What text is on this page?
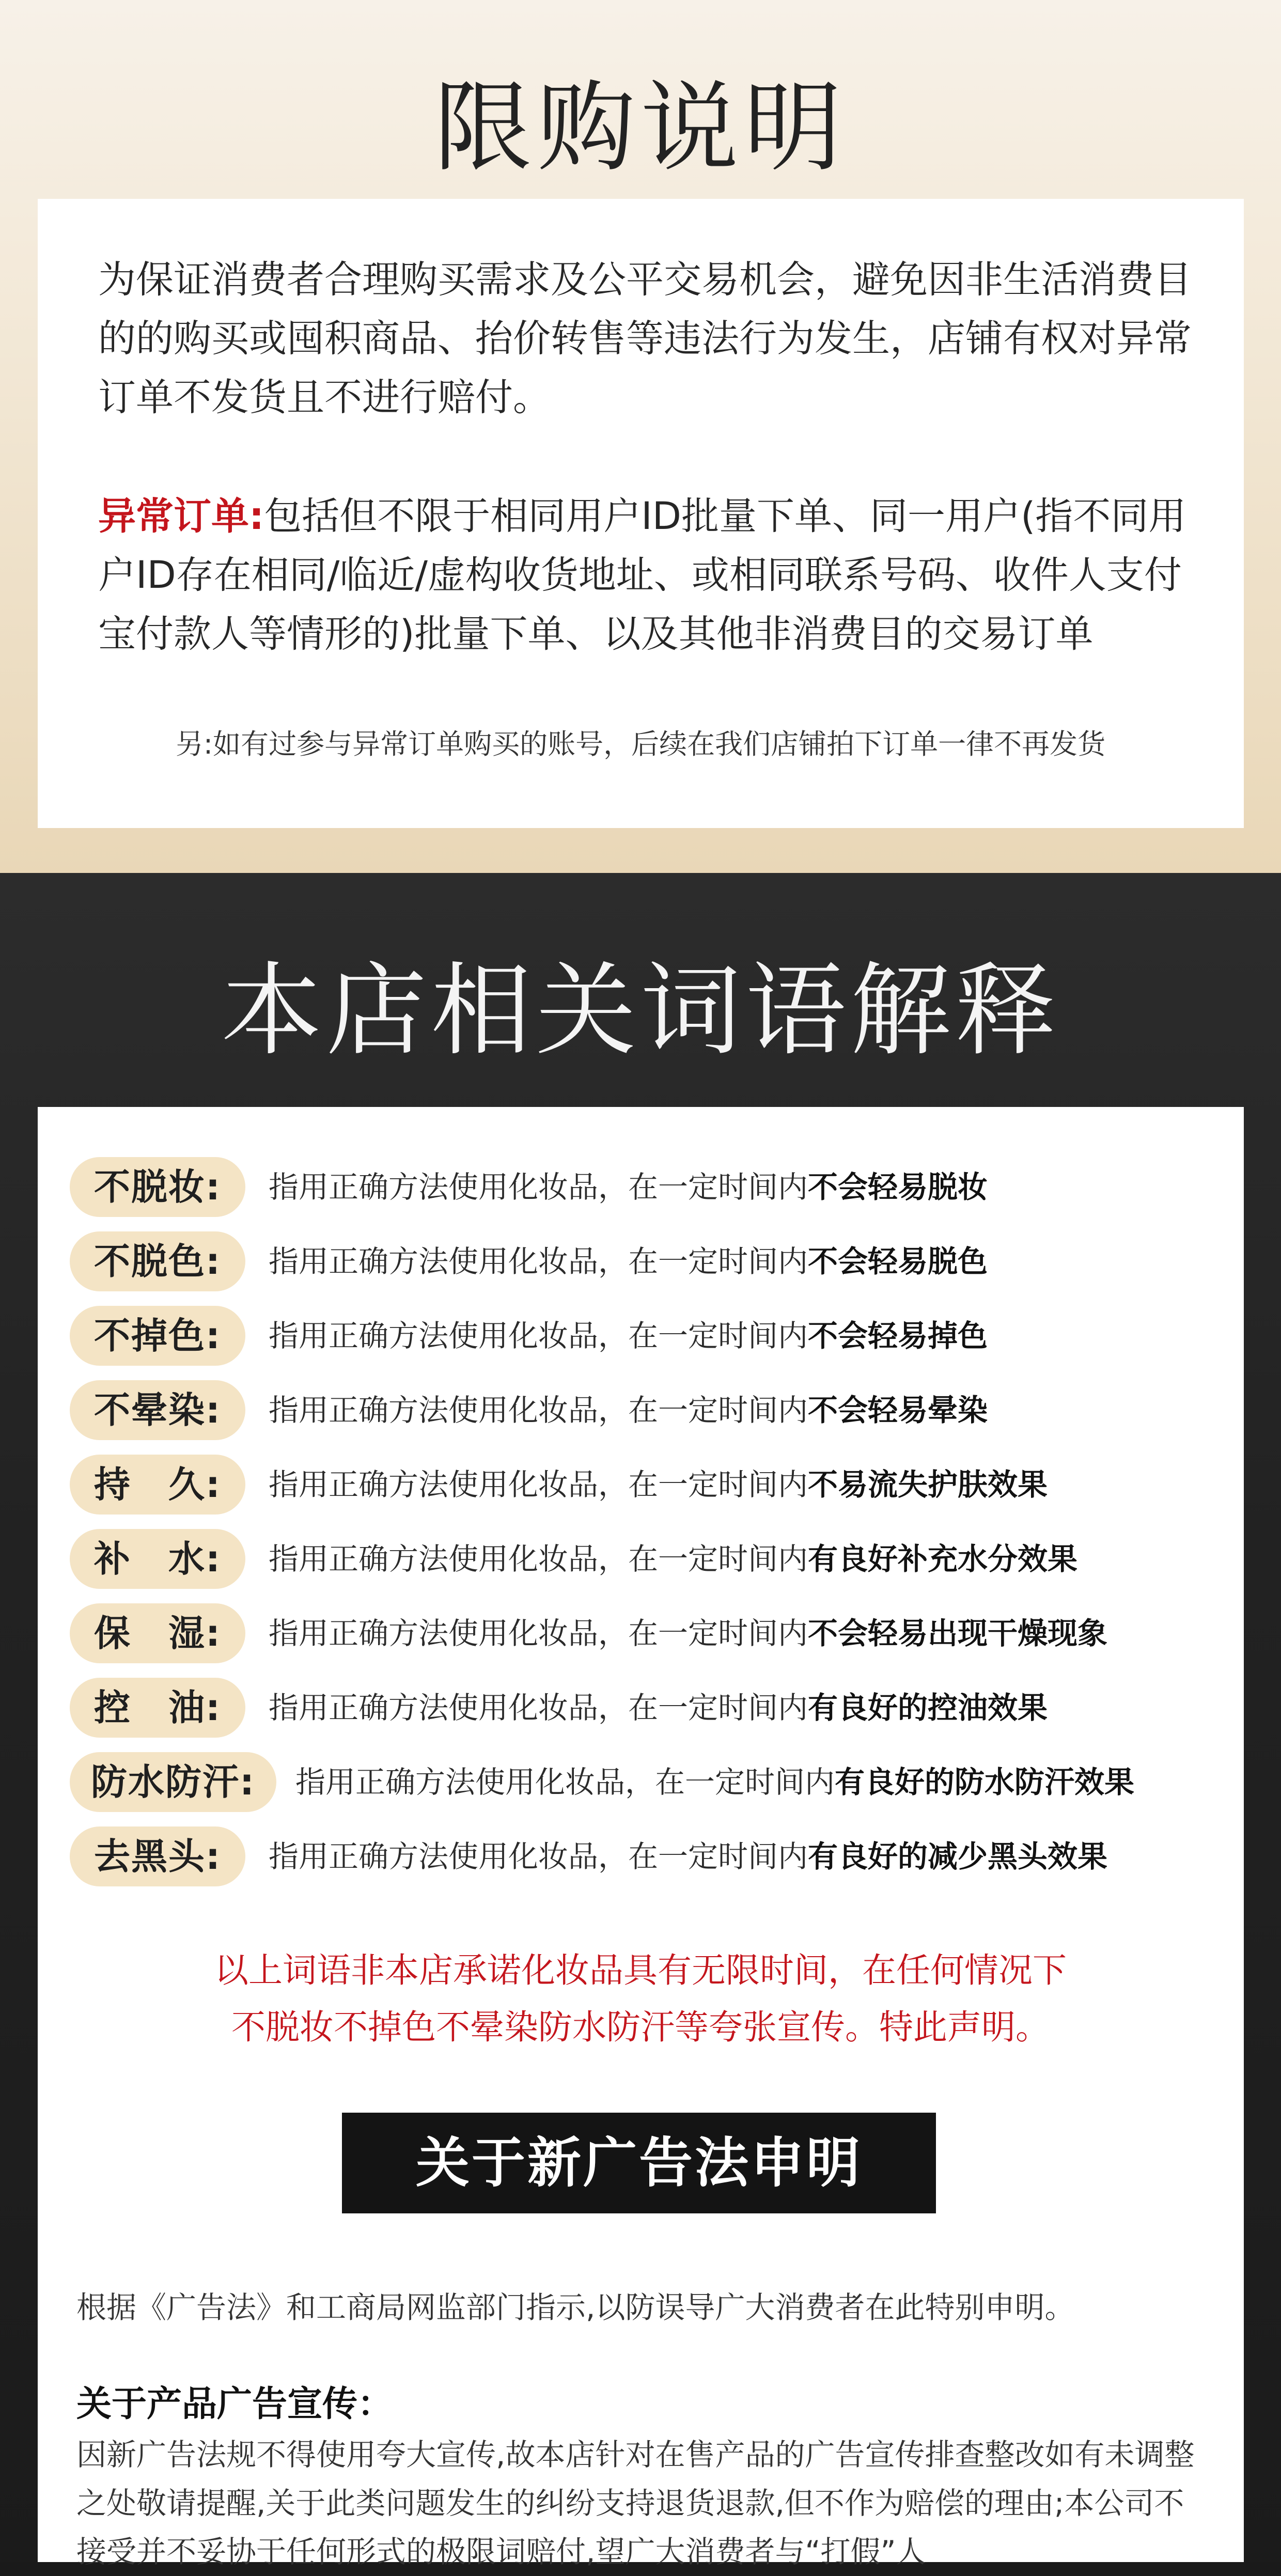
限购说明
为保证消费者合理购买需求及公平交易机会，避免因非生活消费目的的购买或囤积商品、抬价转售等违法行为发生，店铺有权对异常订单不发货且不进行赔付。
异常订单:包括但不限于相同用户ID批量下单、同一用户(指不同用户ID存在相同/临近/虚构收货地址、或相同联系号码、收件人支付宝付款人等情形的)批量下单、以及其他非消费目的交易订单
另:如有过参与异常订单购买的账号，后续在我们店铺拍下订单一律不再发货
本店相关词语解释
不脱妆:	指用正确方法使用化妆品，在一定时间内不会轻易脱妆
不脱色:	指用正确方法使用化妆品，在一定时间内不会轻易脱色
不掉色:	指用正确方法使用化妆品，在一定时间内不会轻易掉色
不晕染:	指用正确方法使用化妆品，在一定时间内不会轻易晕染
持　久:	指用正确方法使用化妆品，在一定时间内不易流失护肤效果
补　水:	指用正确方法使用化妆品，在一定时间内有良好补充水分效果
保　湿:	指用正确方法使用化妆品，在一定时间内不会轻易出现干燥现象
控　油:	指用正确方法使用化妆品，在一定时间内有良好的控油效果
防水防汗:	指用正确方法使用化妆品，在一定时间内有良好的防水防汗效果
去黑头:	指用正确方法使用化妆品，在一定时间内有良好的减少黑头效果
以上词语非本店承诺化妆品具有无限时间，在任何情况下
不脱妆不掉色不晕染防水防汗等夸张宣传。特此声明。
关于新广告法申明
根据《广告法》和工商局网监部门指示,以防误导广大消费者在此特别申明。
关于产品广告宣传：
因新广告法规不得使用夸大宣传,故本店针对在售产品的广告宣传排查整改如有未调整之处敬请提醒,关于此类问题发生的纠纷支持退货退款,但不作为赔偿的理由;本公司不接受并不妥协于任何形式的极限词赔付,望广大消费者与“打假”人
